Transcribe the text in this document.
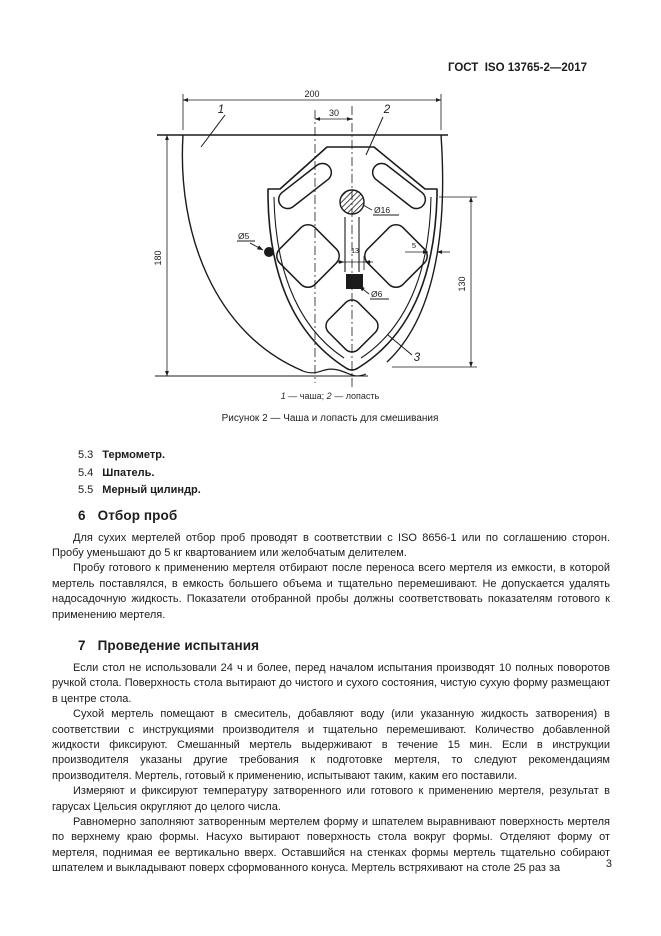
ГОСТ  ISO 13765-2—2017
200
30
180
130
13
5
Ø16
Ø6
Ø5
1	2
3
1 — чаша; 2 — лопасть
Рисунок 2 — Чаша и лопасть для смешивания
5.3 Термометр.
5.4 Шпатель.
5.5 Мерный цилиндр.
6 Отбор проб

Для сухих мертелей отбор проб проводят в соответствии с ISO 8656-1 или по соглашению сторон. Пробу уменьшают до 5 кг квартованием или желобчатым делителем.

Пробу готового к применению мертеля отбирают после переноса всего мертеля из емкости, в которой мертель поставлялся, в емкость большего объема и тщательно перемешивают. Не допускается удалять надосадочную жидкость. Показатели отобранной пробы должны соответствовать показателям готового к применению мертеля.

7 Проведение испытания

Если стол не использовали 24 ч и более, перед началом испытания производят 10 полных поворотов ручкой стола. Поверхность стола вытирают до чистого и сухого состояния, чистую сухую форму размещают в центре стола.

Сухой мертель помещают в смеситель, добавляют воду (или указанную жидкость затворения) в соответствии с инструкциями производителя и тщательно перемешивают. Количество добавленной жидкости фиксируют. Смешанный мертель выдерживают в течение 15 мин. Если в инструкции производителя указаны другие требования к подготовке мертеля, то следуют рекомендациям производителя. Мертель, готовый к применению, испытывают таким, каким его поставили.

Измеряют и фиксируют температуру затворенного или готового к применению мертеля, результат в гарусах Цельсия округляют до целого числа.

Равномерно заполняют затворенным мертелем форму и шпателем выравнивают поверхность мертеля по верхнему краю формы. Насухо вытирают поверхность стола вокруг формы. Отделяют форму от мертеля, поднимая ее вертикально вверх. Оставшийся на стенках формы мертель тщательно собирают шпателем и выкладывают поверх сформованного конуса. Мертель встряхивают на столе 25 раз за	3
